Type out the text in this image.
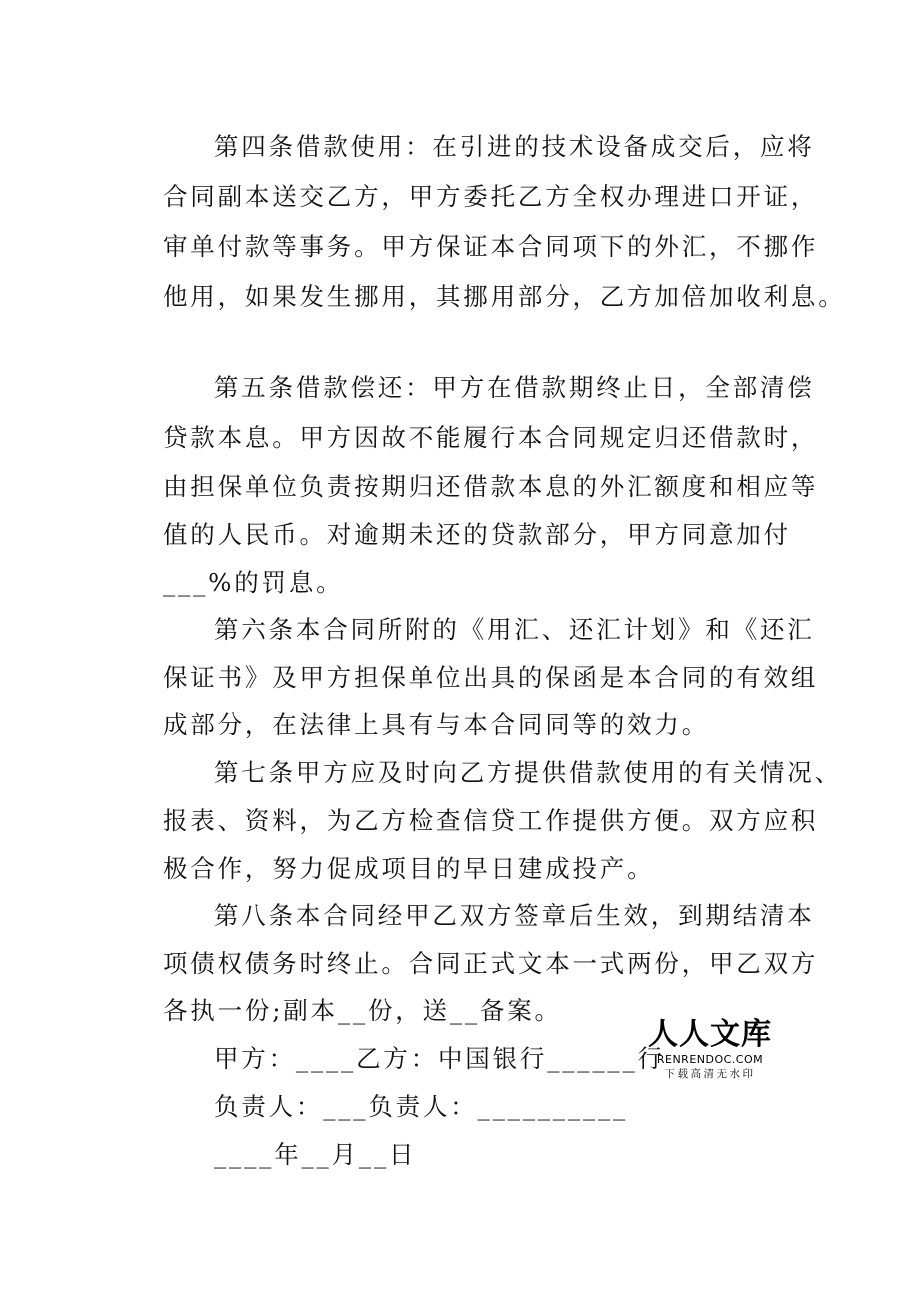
第四条借款使用：在引进的技术设备成交后，应将
合同副本送交乙方，甲方委托乙方全权办理进口开证，
审单付款等事务。甲方保证本合同项下的外汇，不挪作
他用，如果发生挪用，其挪用部分，乙方加倍加收利息。
第五条借款偿还：甲方在借款期终止日，全部清偿
贷款本息。甲方因故不能履行本合同规定归还借款时，
由担保单位负责按期归还借款本息的外汇额度和相应等
值的人民币。对逾期未还的贷款部分，甲方同意加付
___%的罚息。
第六条本合同所附的《用汇、还汇计划》和《还汇
保证书》及甲方担保单位出具的保函是本合同的有效组
成部分，在法律上具有与本合同同等的效力。
第七条甲方应及时向乙方提供借款使用的有关情况、
报表、资料，为乙方检查信贷工作提供方便。双方应积
极合作，努力促成项目的早日建成投产。
第八条本合同经甲乙双方签章后生效，到期结清本
项债权债务时终止。合同正式文本一式两份，甲乙双方
各执一份;副本__份，送__备案。
甲方：____乙方：中国银行______行
负责人：___负责人：__________
____年__月__日
人人文库
RENRENDOC.COM
下载高清无水印
